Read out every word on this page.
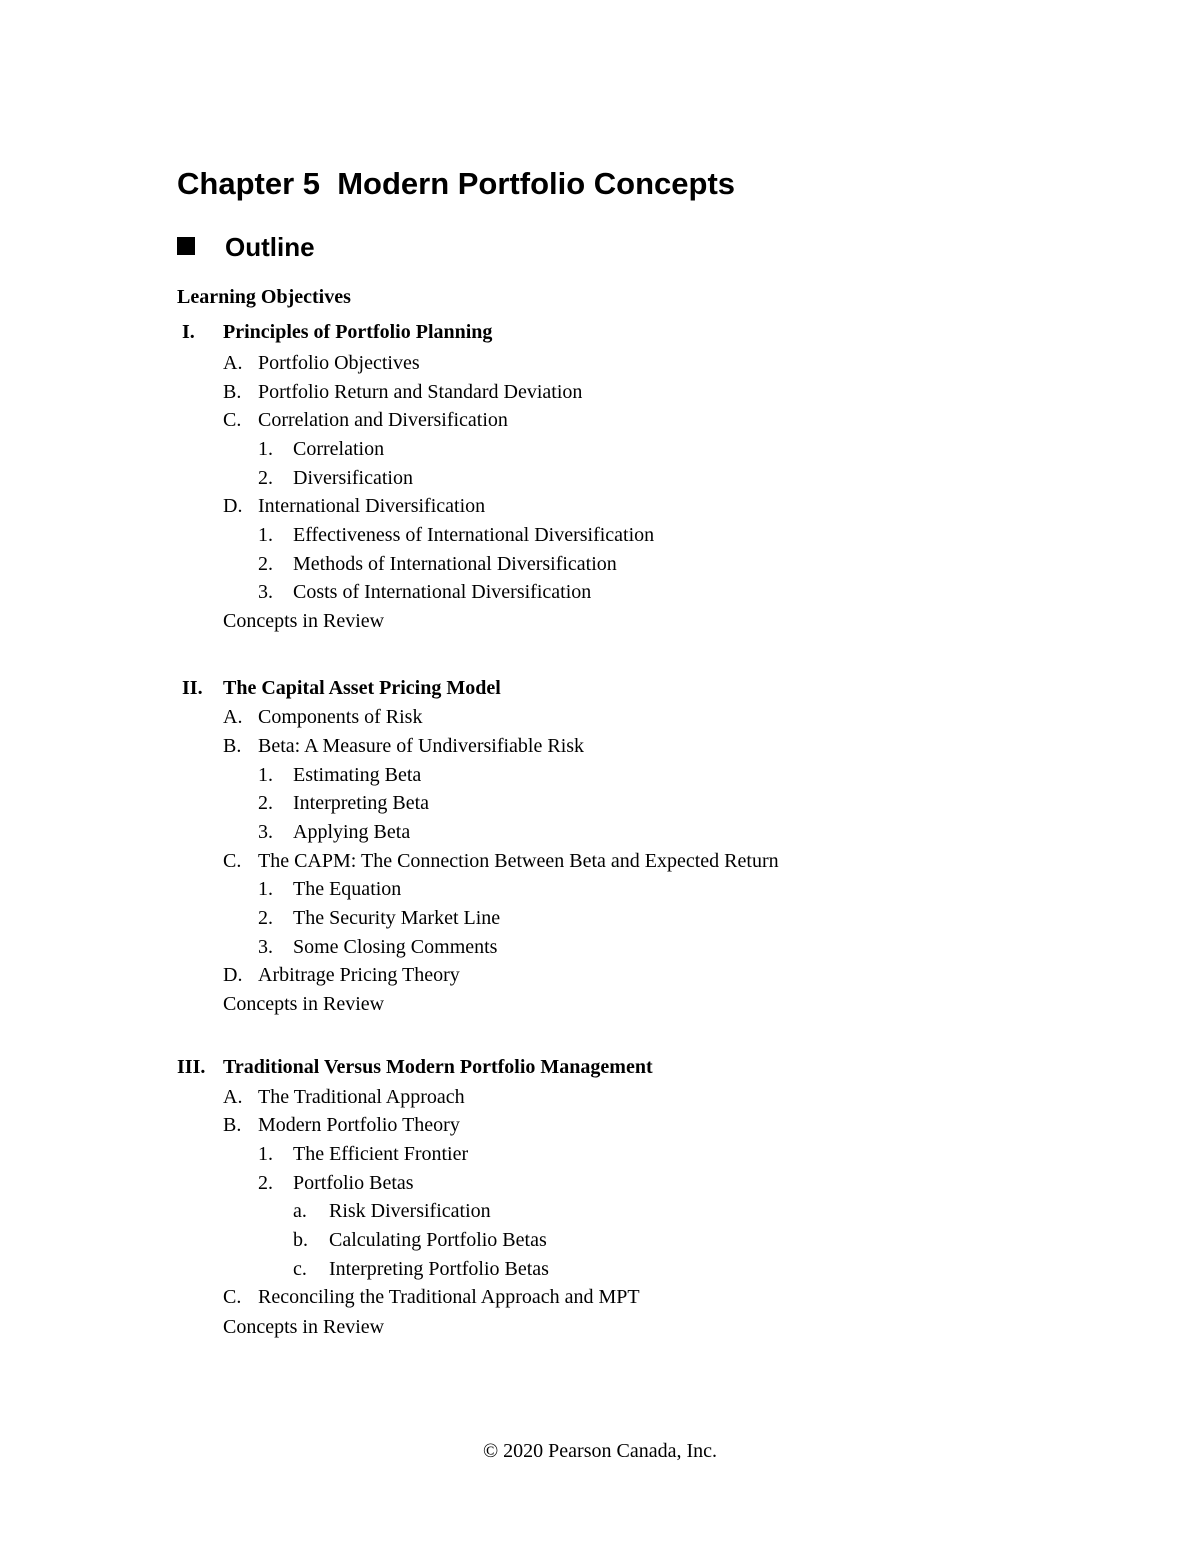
Chapter 5  Modern Portfolio Concepts
Outline
Learning Objectives
I. Principles of Portfolio Planning
A. Portfolio Objectives
B. Portfolio Return and Standard Deviation
C. Correlation and Diversification
1. Correlation
2. Diversification
D. International Diversification
1. Effectiveness of International Diversification
2. Methods of International Diversification
3. Costs of International Diversification
Concepts in Review
II. The Capital Asset Pricing Model
A. Components of Risk
B. Beta: A Measure of Undiversifiable Risk
1. Estimating Beta
2. Interpreting Beta
3. Applying Beta
C. The CAPM: The Connection Between Beta and Expected Return
1. The Equation
2. The Security Market Line
3. Some Closing Comments
D. Arbitrage Pricing Theory
Concepts in Review
III. Traditional Versus Modern Portfolio Management
A. The Traditional Approach
B. Modern Portfolio Theory
1. The Efficient Frontier
2. Portfolio Betas
a. Risk Diversification
b. Calculating Portfolio Betas
c. Interpreting Portfolio Betas
C. Reconciling the Traditional Approach and MPT
Concepts in Review
© 2020 Pearson Canada, Inc.
